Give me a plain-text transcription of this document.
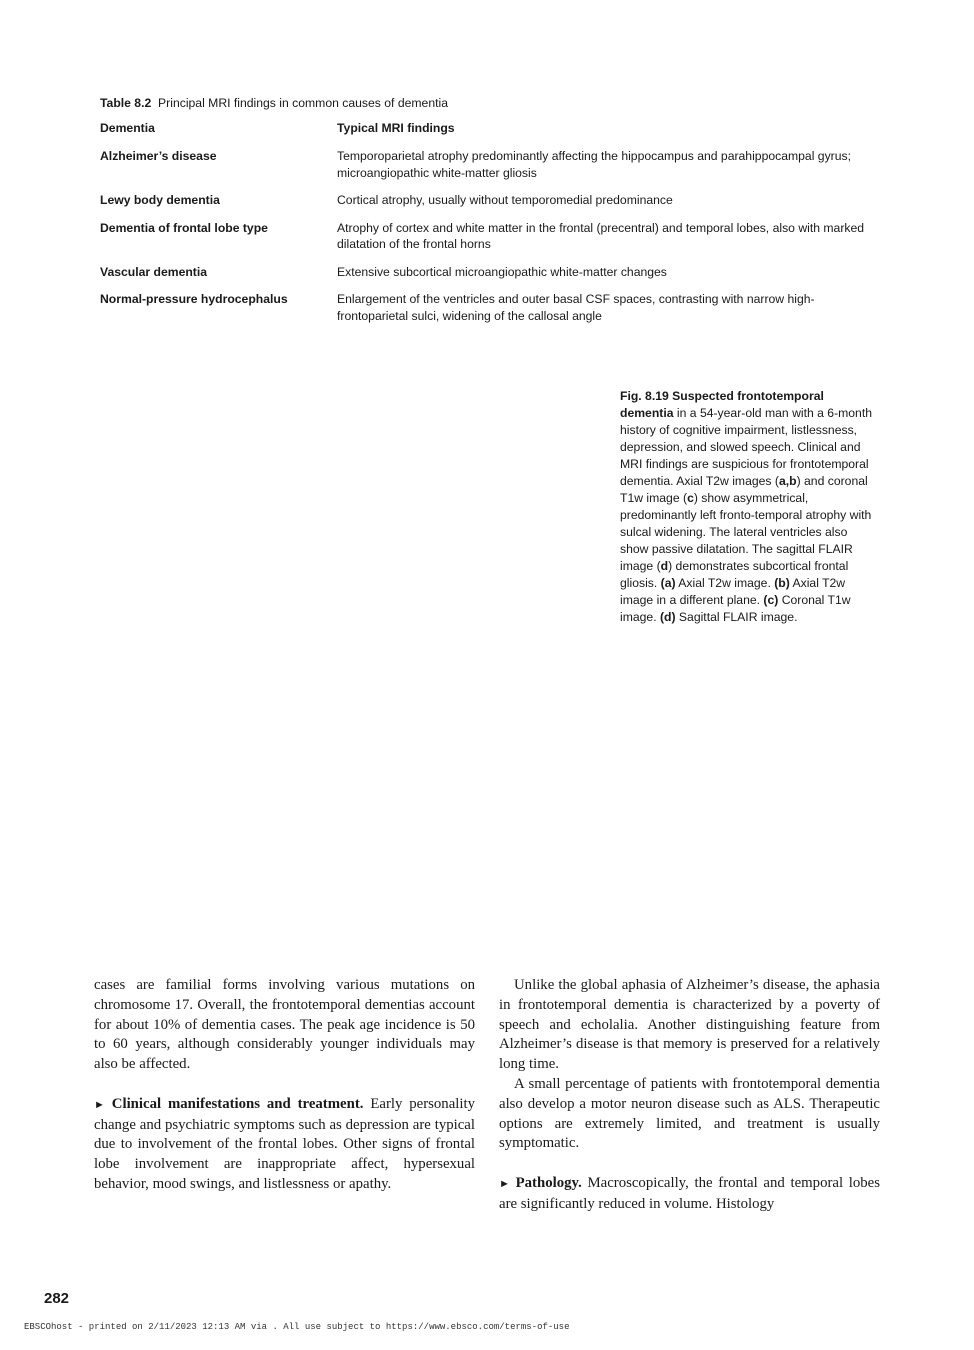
Table 8.2 Principal MRI findings in common causes of dementia
Dementia	Typical MRI findings
Alzheimer’s disease	Temporoparietal atrophy predominantly affecting the hippocampus and parahippocampal gyrus; microangiopathic white-matter gliosis
Lewy body dementia	Cortical atrophy, usually without temporomedial predominance
Dementia of frontal lobe type	Atrophy of cortex and white matter in the frontal (precentral) and temporal lobes, also with marked dilatation of the frontal horns
Vascular dementia	Extensive subcortical microangiopathic white-matter changes
Normal-pressure hydrocephalus	Enlargement of the ventricles and outer basal CSF spaces, contrasting with narrow high-frontoparietal sulci, widening of the callosal angle
Fig. 8.19 Suspected frontotemporal dementia in a 54-year-old man with a 6-month history of cognitive impairment, listlessness, depression, and slowed speech. Clinical and MRI findings are suspicious for frontotemporal dementia. Axial T2w images (a,b) and coronal T1w image (c) show asymmetrical, predominantly left fronto-temporal atrophy with sulcal widening. The lateral ventricles also show passive dilatation. The sagittal FLAIR image (d) demonstrates subcortical frontal gliosis. (a) Axial T2w image. (b) Axial T2w image in a different plane. (c) Coronal T1w image. (d) Sagittal FLAIR image.

cases are familial forms involving various mutations on chromosome 17. Overall, the frontotemporal dementias account for about 10% of dementia cases. The peak age incidence is 50 to 60 years, although considerably younger individuals may also be affected.

► Clinical manifestations and treatment. Early personality change and psychiatric symptoms such as depression are typical due to involvement of the frontal lobes. Other signs of frontal lobe involvement are inappropriate affect, hypersexual behavior, mood swings, and listlessness or apathy.

Unlike the global aphasia of Alzheimer’s disease, the aphasia in frontotemporal dementia is characterized by a poverty of speech and echolalia. Another distinguishing feature from Alzheimer’s disease is that memory is preserved for a relatively long time.

A small percentage of patients with frontotemporal dementia also develop a motor neuron disease such as ALS. Therapeutic options are extremely limited, and treatment is usually symptomatic.

► Pathology. Macroscopically, the frontal and temporal lobes are significantly reduced in volume. Histology

282
EBSCOhost - printed on 2/11/2023 12:13 AM via . All use subject to https://www.ebsco.com/terms-of-use
